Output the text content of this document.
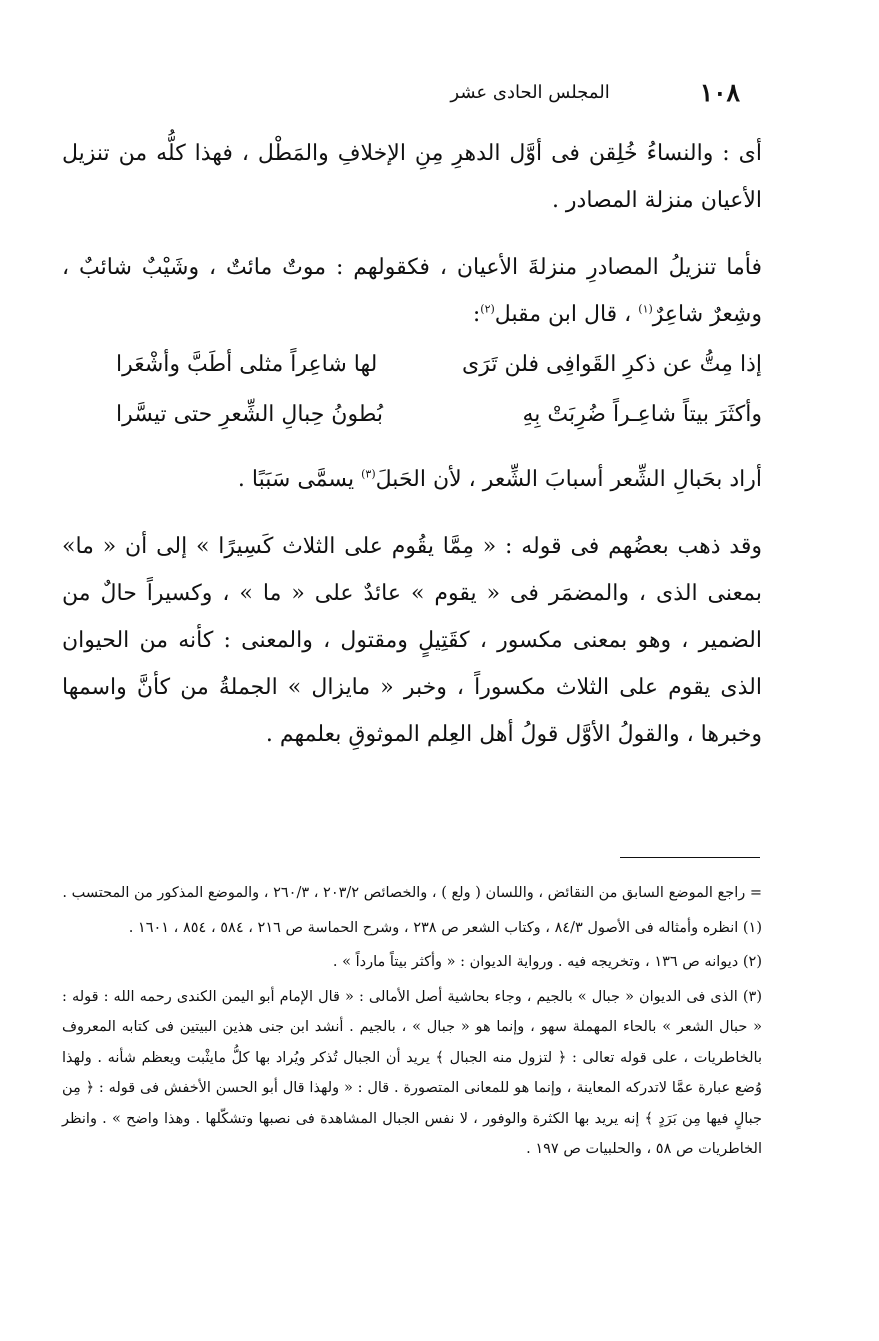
١٠٨
المجلس الحادى عشر

أى : والنساءُ خُلِقن فى أوَّل الدهرِ مِنِ الإخلافِ والمَطْل ، فهذا كلُّه من تنزيل الأعيان منزلة المصادر .

فأما تنزيلُ المصادرِ منزلةَ الأعيان ، فكقولهم : موتٌ مائتٌ ، وشَيْبٌ شائبٌ ، وشِعرٌ شاعِرٌ$^{(١)}$ ، قال ابن مقبل$^{(٢)}$:

إذا مِتُّ عن ذكرِ القَوافِى فلن تَرَى
لها شاعِراً مثلى أطَبَّ وأشْعَرا
وأكثَرَ بيتاً شاعِـراً ضُرِبَتْ بِهِ
بُطونُ حِبالِ الشِّعرِ حتى تيسَّرا

أراد بحَبالِ الشِّعر أسبابَ الشِّعر ، لأن الحَبلَ$^{(٣)}$ يسمَّى سَبَبًا .

وقد ذهب بعضُهم فى قوله : « مِمَّا يقُوم على الثلاث كَسِيرًا » إلى أن « ما» بمعنى الذى ، والمضمَر فى « يقوم » عائدٌ على « ما » ، وكسيراً حالٌ من الضمير ، وهو بمعنى مكسور ، كقَتِيلٍ ومقتول ، والمعنى : كأنه من الحيوان الذى يقوم على الثلاث مكسوراً ، وخبر « مايزال » الجملةُ من كأنَّ واسمها وخبرها ، والقولُ الأوَّل قولُ أهل العِلم الموثوقِ بعلمهم .

= راجع الموضع السابق من النقائض ، واللسان ( ولع ) ، والخصائص ٢٠٣/٢ ، ٢٦٠/٣ ، والموضع المذكور من المحتسب .

(١) انظره وأمثاله فى الأصول ٨٤/٣ ، وكتاب الشعر ص ٢٣٨ ، وشرح الحماسة ص ٢١٦ ، ٥٨٤ ، ٨٥٤ ، ١٦٠١ .

(٢) ديوانه ص ١٣٦ ، وتخريجه فيه . ورواية الديوان : « وأكثر بيتاً مارداً » .

(٣) الذى فى الديوان « جبال » بالجيم ، وجاء بحاشية أصل الأمالى : « قال الإمام أبو اليمن الكندى رحمه الله : قوله : « حبال الشعر » بالحاء المهملة سهو ، وإنما هو « جبال » ، بالجيم . أنشد ابن جنى هذين البيتين فى كتابه المعروف بالخاطريات ، على قوله تعالى : ﴿ لتزول منه الجبال ﴾ يريد أن الجبال تُذكر ويُراد بها كلُّ مايثْبت ويعظم شأنه . ولهذا وُضع عبارة عمَّا لاتدركه المعاينة ، وإنما هو للمعانى المتصورة . قال : « ولهذا قال أبو الحسن الأخفش فى قوله : ﴿ مِن جبالٍ فيها مِن بَرَدٍ ﴾ إنه يريد بها الكثرة والوفور ، لا نفس الجبال المشاهدة فى نصبها وتشكّلها . وهذا واضح » . وانظر الخاطريات ص ٥٨ ، والحلبيات ص ١٩٧ .
